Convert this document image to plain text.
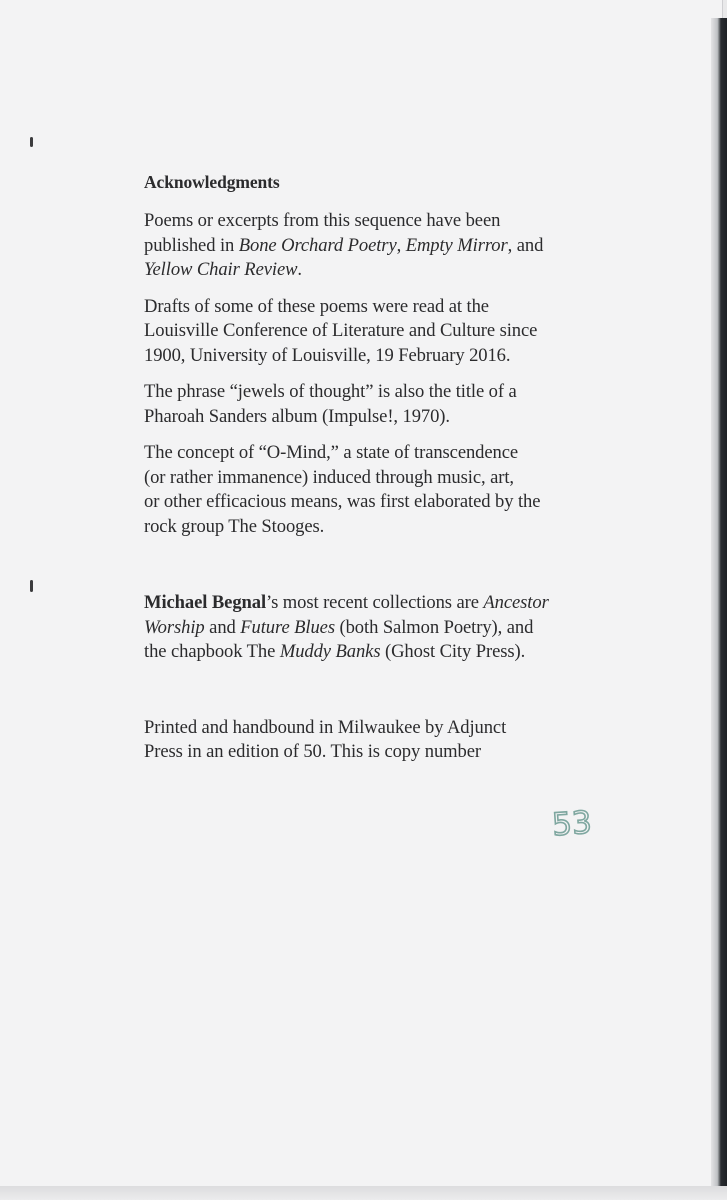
Acknowledgments
Poems or excerpts from this sequence have been
published in Bone Orchard Poetry, Empty Mirror, and
Yellow Chair Review.
Drafts of some of these poems were read at the
Louisville Conference of Literature and Culture since
1900, University of Louisville, 19 February 2016.
The phrase “jewels of thought” is also the title of a
Pharoah Sanders album (Impulse!, 1970).
The concept of “O-Mind,” a state of transcendence
(or rather immanence) induced through music, art,
or other efficacious means, was first elaborated by the
rock group The Stooges.
Michael Begnal’s most recent collections are Ancestor
Worship and Future Blues (both Salmon Poetry), and
the chapbook The Muddy Banks (Ghost City Press).
Printed and handbound in Milwaukee by Adjunct
Press in an edition of 50. This is copy number
53
